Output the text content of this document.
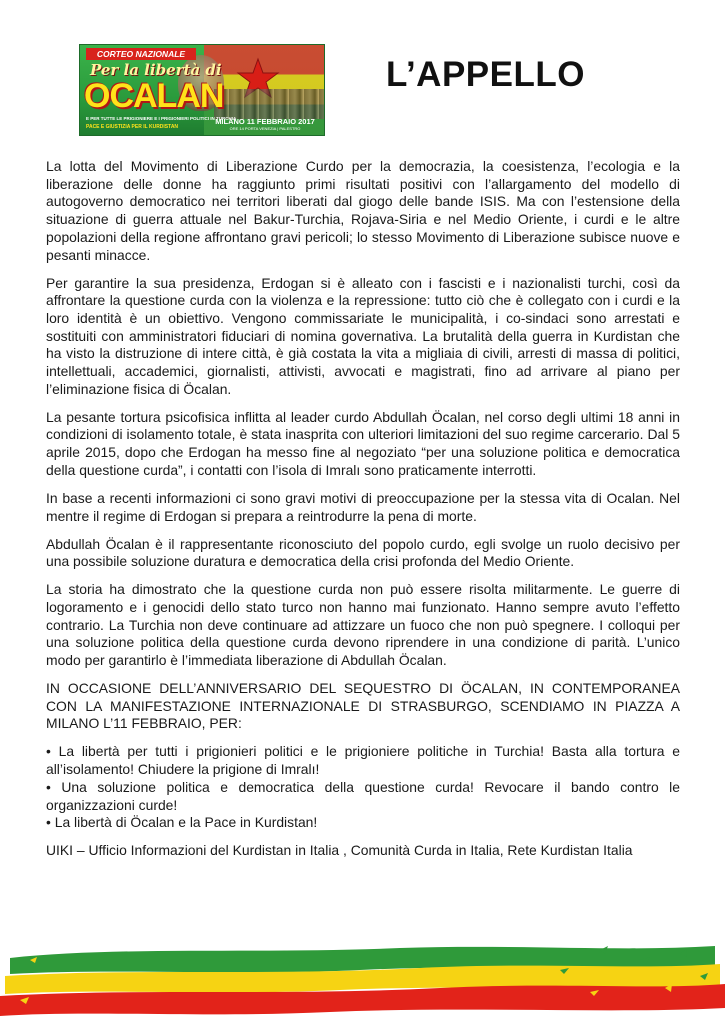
CORTEO NAZIONALE
Per la libertà di
OCALAN
E PER TUTTE LE PRIGIONIERE E I PRIGIONIERI POLITICI IN TURCHIA
PACE E GIUSTIZIA PER IL KURDISTAN
MILANO 11 FEBBRAIO 2017
ORE 14 PORTA VENEZIA | PALESTRO
L’APPELLO

La lotta del Movimento di Liberazione Curdo per la democrazia, la coesistenza, l’ecologia e la liberazione delle donne ha raggiunto primi risultati positivi con l’allargamento del modello di autogoverno democratico nei territori liberati dal giogo delle bande ISIS. Ma con l’estensione della situazione di guerra attuale nel Bakur-Turchia, Rojava-Siria e nel Medio Oriente, i curdi e le altre popolazioni della regione affrontano gravi pericoli; lo stesso Movimento di Liberazione subisce nuove e pesanti minacce.

Per garantire la sua presidenza, Erdogan si è alleato con i fascisti e i nazionalisti turchi, così da affrontare la questione curda con la violenza e la repressione: tutto ciò che è collegato con i curdi e la loro identità è un obiettivo. Vengono commissariate le municipalità, i co-sindaci sono arrestati e sostituiti con amministratori fiduciari di nomina governativa. La brutalità della guerra in Kurdistan che ha visto la distruzione di intere città, è già costata la vita a migliaia di civili, arresti di massa di politici, intellettuali, accademici, giornalisti, attivisti, avvocati e magistrati, fino ad arrivare al piano per l’eliminazione fisica di Öcalan.

La pesante tortura psicofisica inflitta al leader curdo Abdullah Öcalan, nel corso degli ultimi 18 anni in condizioni di isolamento totale, è stata inasprita con ulteriori limitazioni del suo regime carcerario. Dal 5 aprile 2015, dopo che Erdogan ha messo fine al negoziato “per una soluzione politica e democratica della questione curda”, i contatti con l’isola di Imralı sono praticamente interrotti.

In base a recenti informazioni ci sono gravi motivi di preoccupazione per la stessa vita di Ocalan. Nel mentre il regime di Erdogan si prepara a reintrodurre la pena di morte.

Abdullah Öcalan è il rappresentante riconosciuto del popolo curdo, egli svolge un ruolo decisivo per una possibile soluzione duratura e democratica della crisi profonda del Medio Oriente.

La storia ha dimostrato che la questione curda non può essere risolta militarmente. Le guerre di logoramento e i genocidi dello stato turco non hanno mai funzionato. Hanno sempre avuto l’effetto contrario. La Turchia non deve continuare ad attizzare un fuoco che non può spegnere. I colloqui per una soluzione politica della questione curda devono riprendere in una condizione di parità. L’unico modo per garantirlo è l’immediata liberazione di Abdullah Öcalan.

IN OCCASIONE DELL’ANNIVERSARIO DEL SEQUESTRO DI ÖCALAN, IN CONTEMPORANEA CON LA MANIFESTAZIONE INTERNAZIONALE DI STRASBURGO, SCENDIAMO IN PIAZZA A MILANO L’11 FEBBRAIO, PER:

• La libertà per tutti i prigionieri politici e le prigioniere politiche in Turchia! Basta alla tortura e all’isolamento! Chiudere la prigione di Imralı!
• Una soluzione politica e democratica della questione curda! Revocare il bando contro le organizzazioni curde!
• La libertà di Öcalan e la Pace in Kurdistan!

UIKI – Ufficio Informazioni del Kurdistan in Italia , Comunità Curda in Italia, Rete Kurdistan Italia
